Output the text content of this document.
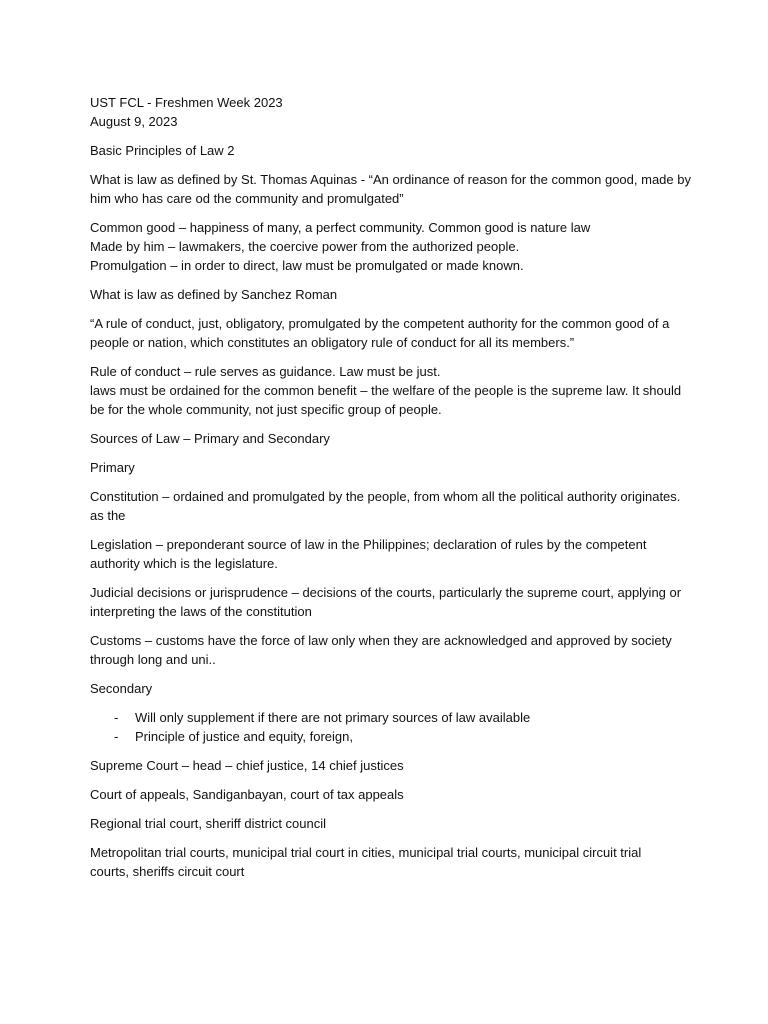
UST FCL - Freshmen Week 2023
August 9, 2023
Basic Principles of Law 2
What is law as defined by St. Thomas Aquinas - “An ordinance of reason for the common good, made by
him who has care od the community and promulgated”
Common good – happiness of many, a perfect community. Common good is nature law
Made by him – lawmakers, the coercive power from the authorized people.
Promulgation – in order to direct, law must be promulgated or made known.
What is law as defined by Sanchez Roman
“A rule of conduct, just, obligatory, promulgated by the competent authority for the common good of a
people or nation, which constitutes an obligatory rule of conduct for all its members.”
Rule of conduct – rule serves as guidance. Law must be just.
laws must be ordained for the common benefit – the welfare of the people is the supreme law. It should
be for the whole community, not just specific group of people.
Sources of Law – Primary and Secondary
Primary
Constitution – ordained and promulgated by the people, from whom all the political authority originates.
as the
Legislation – preponderant source of law in the Philippines; declaration of rules by the competent
authority which is the legislature.
Judicial decisions or jurisprudence – decisions of the courts, particularly the supreme court, applying or
interpreting the laws of the constitution
Customs – customs have the force of law only when they are acknowledged and approved by society
through long and uni..
Secondary
- Will only supplement if there are not primary sources of law available
- Principle of justice and equity, foreign,
Supreme Court – head – chief justice, 14 chief justices
Court of appeals, Sandiganbayan, court of tax appeals
Regional trial court, sheriff district council
Metropolitan trial courts, municipal trial court in cities, municipal trial courts, municipal circuit trial
courts, sheriffs circuit court
